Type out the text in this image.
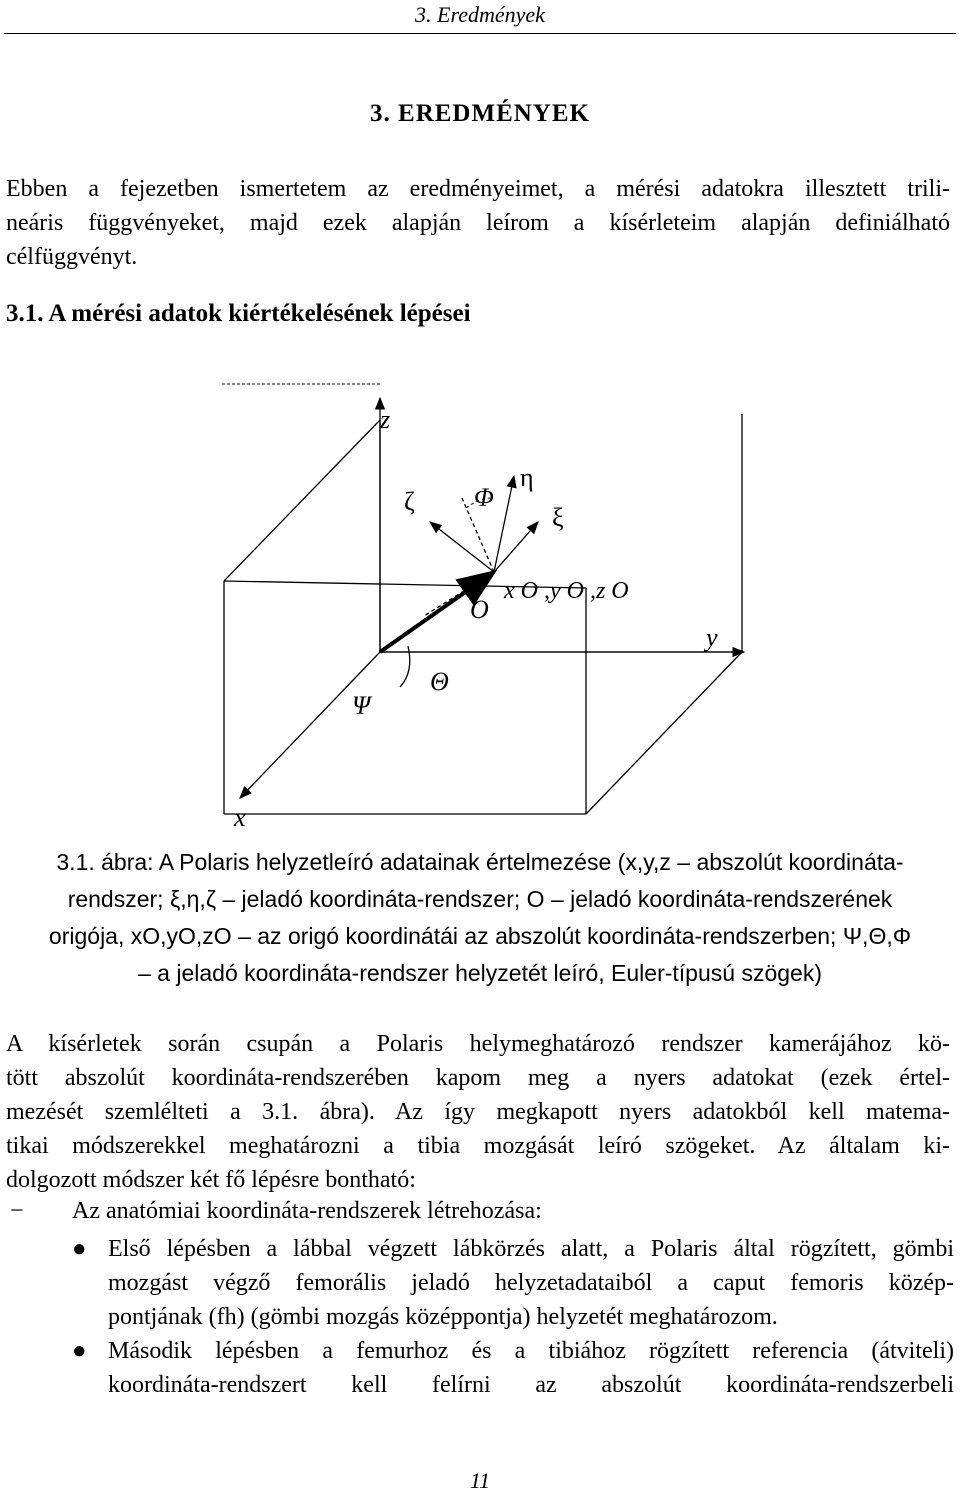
3. Eredmények
3. EREDMÉNYEK
Ebben a fejezetben ismertetem az eredményeimet, a mérési adatokra illesztett trili-
neáris függvényeket, majd ezek alapján leírom a kísérleteim alapján definiálható
célfüggvényt.
3.1. A mérési adatok kiértékelésének lépései
z
y
x
ζ
η
ξ
Φ
Θ
Ψ
O
x O ,y O ,z O
3.1. ábra: A Polaris helyzetleíró adatainak értelmezése (x,y,z – abszolút koordináta-
rendszer; ξ,η,ζ – jeladó koordináta-rendszer; O – jeladó koordináta-rendszerének
origója, xO,yO,zO – az origó koordinátái az abszolút koordináta-rendszerben; Ψ,Θ,Φ
– a jeladó koordináta-rendszer helyzetét leíró, Euler-típusú szögek)
A kísérletek során csupán a Polaris helymeghatározó rendszer kamerájához kö-
tött abszolút koordináta-rendszerében kapom meg a nyers adatokat (ezek értel-
mezését szemlélteti a 3.1. ábra). Az így megkapott nyers adatokból kell matema-
tikai módszerekkel meghatározni a tibia mozgását leíró szögeket. Az általam ki-
dolgozott módszer két fő lépésre bontható:
− Az anatómiai koordináta-rendszerek létrehozása:
● Első lépésben a lábbal végzett lábkörzés alatt, a Polaris által rögzített, gömbi
mozgást végző femorális jeladó helyzetadataiból a caput femoris közép-
pontjának (fh) (gömbi mozgás középpontja) helyzetét meghatározom.
● Második lépésben a femurhoz és a tibiához rögzített referencia (átviteli)
koordináta-rendszert kell felírni az abszolút koordináta-rendszerbeli
11
